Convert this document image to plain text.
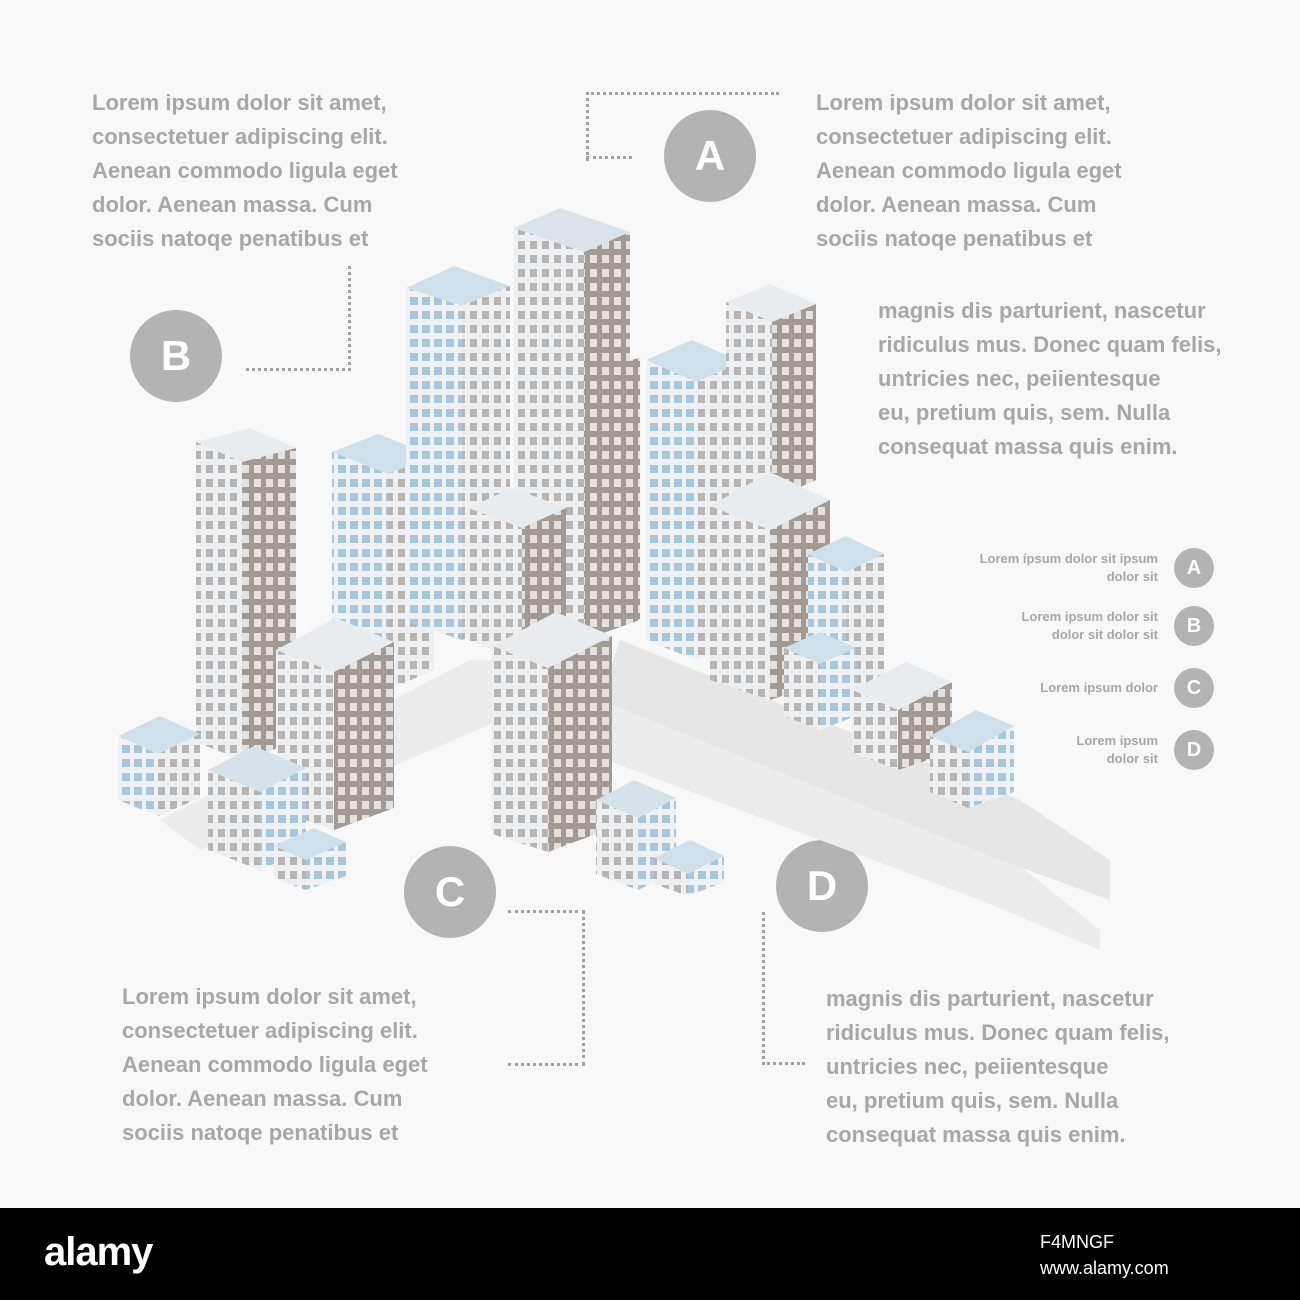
Lorem ipsum dolor sit amet,
consectetuer adipiscing elit.
Aenean commodo ligula eget
dolor. Aenean massa. Cum
sociis natoqe penatibus et

Lorem ipsum dolor sit amet,
consectetuer adipiscing elit.
Aenean commodo ligula eget
dolor. Aenean massa. Cum
sociis natoqe penatibus et

magnis dis parturient, nascetur
ridiculus mus. Donec quam felis,
untricies nec, peiientesque
eu, pretium quis, sem. Nulla
consequat massa quis enim.

Lorem ipsum dolor sit amet,
consectetuer adipiscing elit.
Aenean commodo ligula eget
dolor. Aenean massa. Cum
sociis natoqe penatibus et

magnis dis parturient, nascetur
ridiculus mus. Donec quam felis,
untricies nec, peiientesque
eu, pretium quis, sem. Nulla
consequat massa quis enim.

A
B
C	D
Lorem ipsum dolor sit ipsum
dolor sit	A
Lorem ipsum dolor sit
dolor sit dolor sit	B
Lorem ipsum dolor	C
Lorem ipsum
dolor sit	D
alamy	F4MNGF
www.alamy.com
